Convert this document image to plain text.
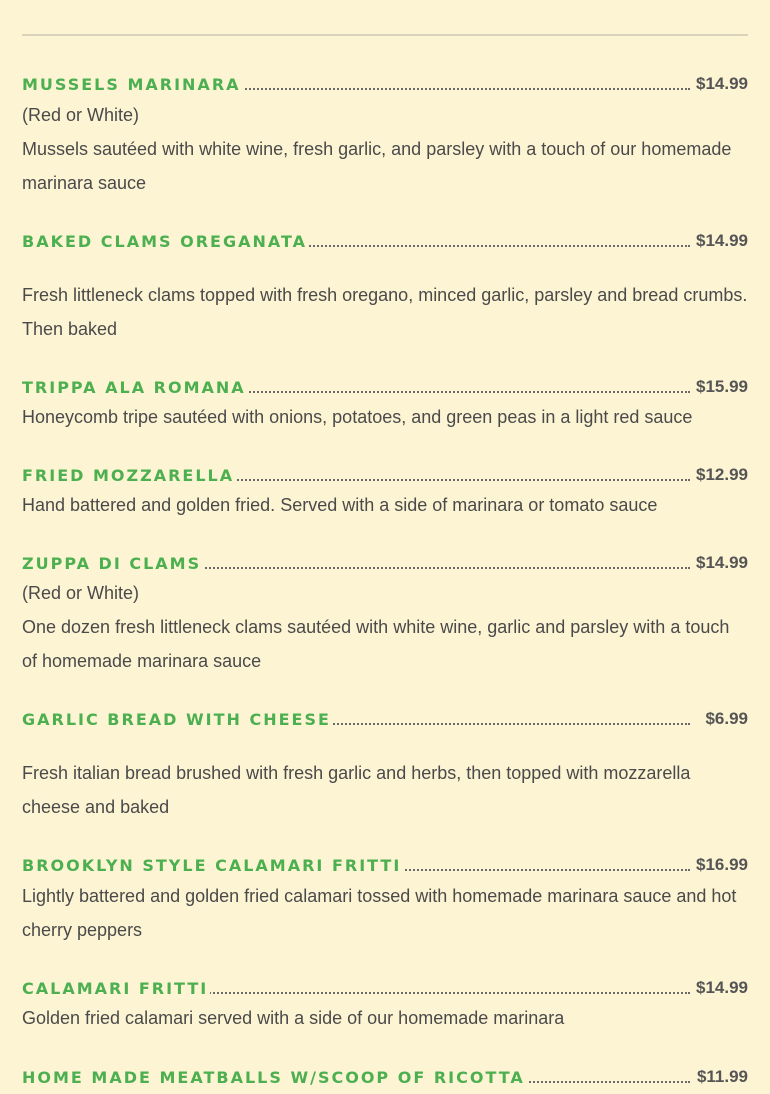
MUSSELS MARINARA	$14.99
(Red or White)
Mussels sautéed with white wine, fresh garlic, and parsley with a touch of our homemade marinara sauce
BAKED CLAMS OREGANATA	$14.99
Fresh littleneck clams topped with fresh oregano, minced garlic, parsley and bread crumbs. Then baked
TRIPPA ALA ROMANA	$15.99
Honeycomb tripe sautéed with onions, potatoes, and green peas in a light red sauce
FRIED MOZZARELLA	$12.99
Hand battered and golden fried. Served with a side of marinara or tomato sauce
ZUPPA DI CLAMS	$14.99
(Red or White)
One dozen fresh littleneck clams sautéed with white wine, garlic and parsley with a touch of homemade marinara sauce
GARLIC BREAD WITH CHEESE	$6.99
Fresh italian bread brushed with fresh garlic and herbs, then topped with mozzarella cheese and baked
BROOKLYN STYLE CALAMARI FRITTI	$16.99
Lightly battered and golden fried calamari tossed with homemade marinara sauce and hot cherry peppers
CALAMARI FRITTI	$14.99
Golden fried calamari served with a side of our homemade marinara
HOME MADE MEATBALLS W/SCOOP OF RICOTTA	$11.99
